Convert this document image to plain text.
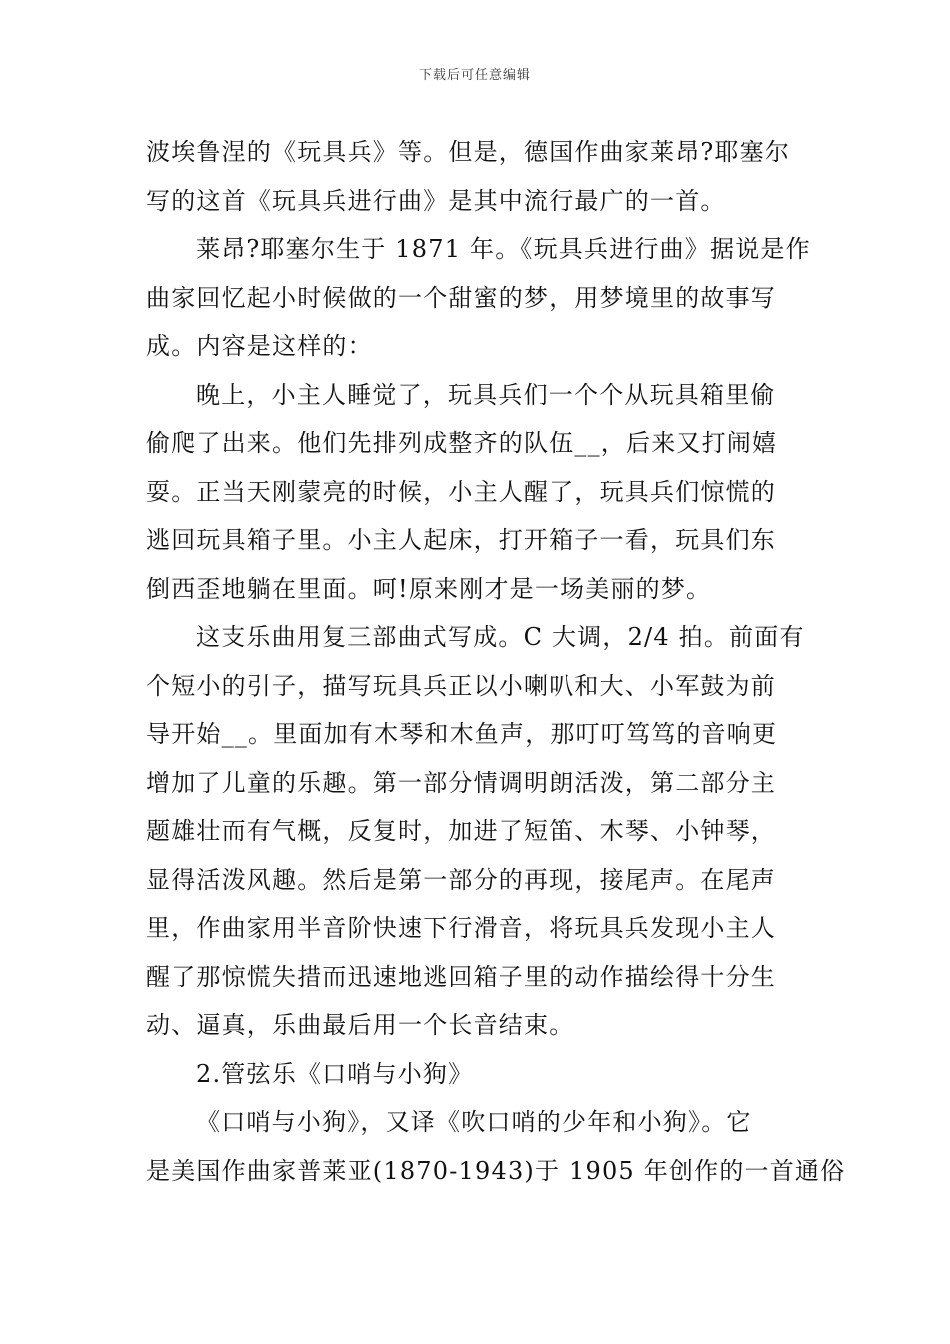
下载后可任意编辑
波埃鲁涅的《玩具兵》等。但是，德国作曲家莱昂?耶塞尔
写的这首《玩具兵进行曲》是其中流行最广的一首。
莱昂?耶塞尔生于 1871 年。《玩具兵进行曲》据说是作
曲家回忆起小时候做的一个甜蜜的梦，用梦境里的故事写
成。内容是这样的：
晚上，小主人睡觉了，玩具兵们一个个从玩具箱里偷
偷爬了出来。他们先排列成整齐的队伍__，后来又打闹嬉
耍。正当天刚蒙亮的时候，小主人醒了，玩具兵们惊慌的
逃回玩具箱子里。小主人起床，打开箱子一看，玩具们东
倒西歪地躺在里面。呵!原来刚才是一场美丽的梦。
这支乐曲用复三部曲式写成。C 大调，2/4 拍。前面有
个短小的引子，描写玩具兵正以小喇叭和大、小军鼓为前
导开始__。里面加有木琴和木鱼声，那叮叮笃笃的音响更
增加了儿童的乐趣。第一部分情调明朗活泼，第二部分主
题雄壮而有气概，反复时，加进了短笛、木琴、小钟琴，
显得活泼风趣。然后是第一部分的再现，接尾声。在尾声
里，作曲家用半音阶快速下行滑音，将玩具兵发现小主人
醒了那惊慌失措而迅速地逃回箱子里的动作描绘得十分生
动、逼真，乐曲最后用一个长音结束。
2.管弦乐《口哨与小狗》
《口哨与小狗》，又译《吹口哨的少年和小狗》。它
是美国作曲家普莱亚(1870-1943)于 1905 年创作的一首通俗
